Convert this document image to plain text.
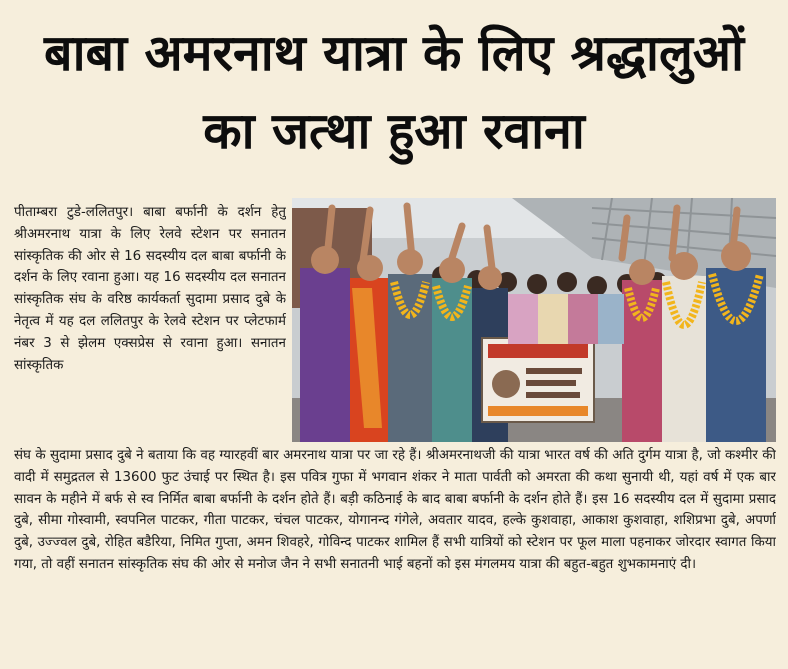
बाबा अमरनाथ यात्रा के लिए श्रद्धालुओं
का जत्था हुआ रवाना
पीताम्बरा टुडे-ललितपुर। बाबा बर्फानी के दर्शन हेतु श्रीअमरनाथ यात्रा के लिए रेलवे स्टेशन पर सनातन सांस्कृतिक की ओर से 16 सदस्यीय दल बाबा बर्फानी के दर्शन के लिए रवाना हुआ। यह 16 सदस्यीय दल सनातन सांस्कृतिक संघ के वरिष्ठ कार्यकर्ता सुदामा प्रसाद दुबे के नेतृत्व में यह दल ललितपुर के रेलवे स्टेशन पर प्लेटफार्म नंबर 3 से झेलम एक्सप्रेस से रवाना हुआ। सनातन सांस्कृतिक
संघ के सुदामा प्रसाद दुबे ने बताया कि वह ग्यारहवीं बार अमरनाथ यात्रा पर जा रहे हैं। श्रीअमरनाथजी की यात्रा भारत वर्ष की अति दुर्गम यात्रा है, जो कश्मीर की वादी में समुद्रतल से 13600 फुट उंचाई पर स्थित है। इस पवित्र गुफा में भगवान शंकर ने माता पार्वती को अमरता की कथा सुनायी थी, यहां वर्ष में एक बार सावन के महीने में बर्फ से स्व निर्मित बाबा बर्फानी के दर्शन होते हैं। बड़ी कठिनाई के बाद बाबा बर्फानी के दर्शन होते हैं। इस 16 सदस्यीय दल में सुदामा प्रसाद दुबे, सीमा गोस्वामी, स्वपनिल पाटकर, गीता पाटकर, चंचल पाटकर, योगानन्द गंगेले, अवतार यादव, हल्के कुशवाहा, आकाश कुशवाहा, शशिप्रभा दुबे, अपर्णा दुबे, उज्ज्वल दुबे, रोहित बडैरिया, निमित गुप्ता, अमन शिवहरे, गोविन्द पाटकर शामिल हैं सभी यात्रियों को स्टेशन पर फूल माला पहनाकर जोरदार स्वागत किया गया, तो वहीं सनातन सांस्कृतिक संघ की ओर से मनोज जैन ने सभी सनातनी भाई बहनों को इस मंगलमय यात्रा की बहुत-बहुत शुभकामनाएं दी।
